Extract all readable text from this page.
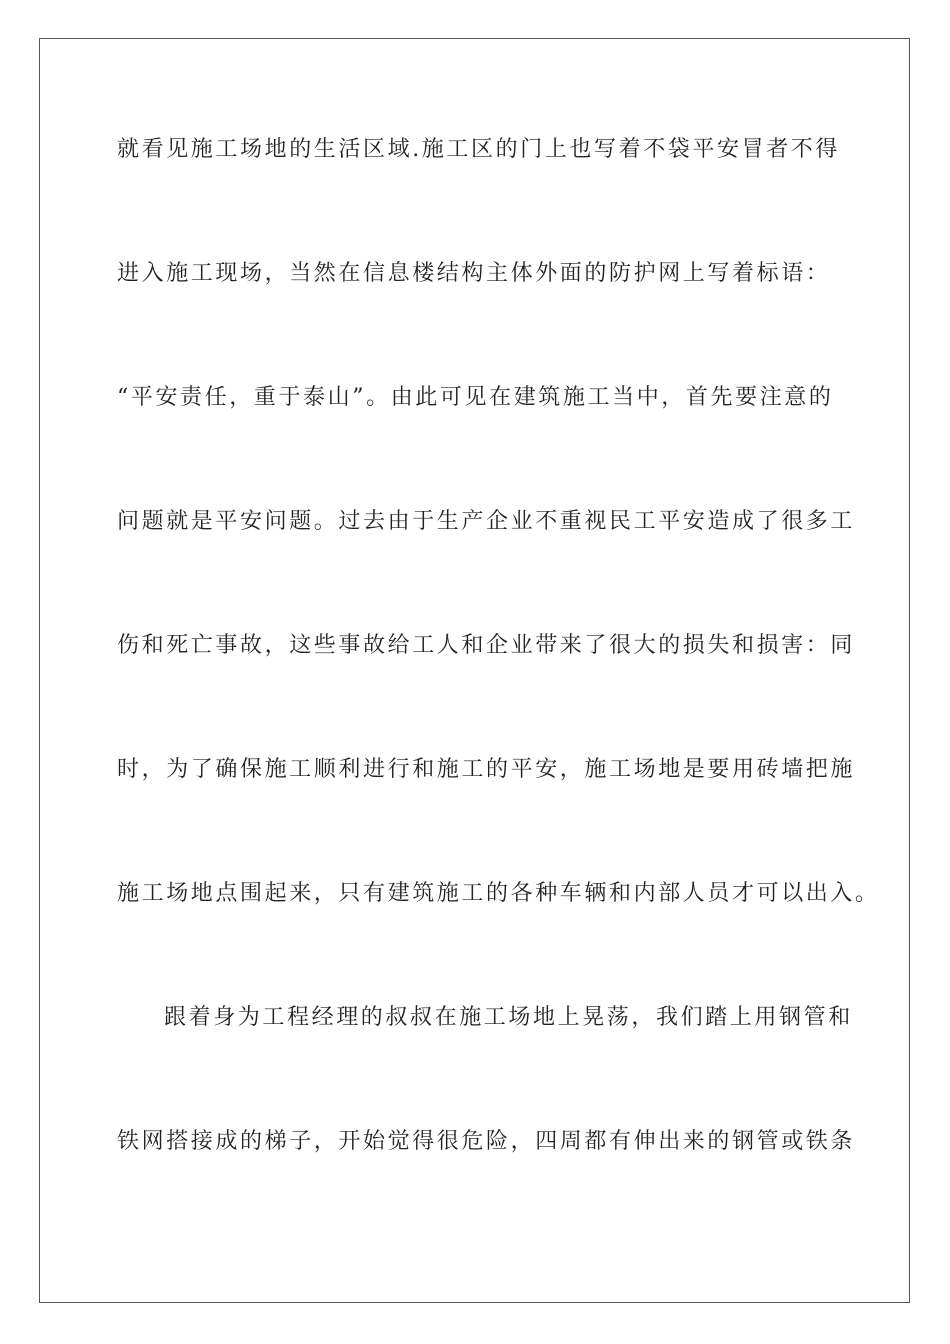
就看见施工场地的生活区域.施工区的门上也写着不袋平安冒者不得
进入施工现场，当然在信息楼结构主体外面的防护网上写着标语：
“平安责任，重于泰山”。由此可见在建筑施工当中，首先要注意的
问题就是平安问题。过去由于生产企业不重视民工平安造成了很多工
伤和死亡事故，这些事故给工人和企业带来了很大的损失和损害：同
时，为了确保施工顺利进行和施工的平安，施工场地是要用砖墙把施
施工场地点围起来，只有建筑施工的各种车辆和内部人员才可以出入。
跟着身为工程经理的叔叔在施工场地上晃荡，我们踏上用钢管和
铁网搭接成的梯子，开始觉得很危险，四周都有伸出来的钢管或铁条
